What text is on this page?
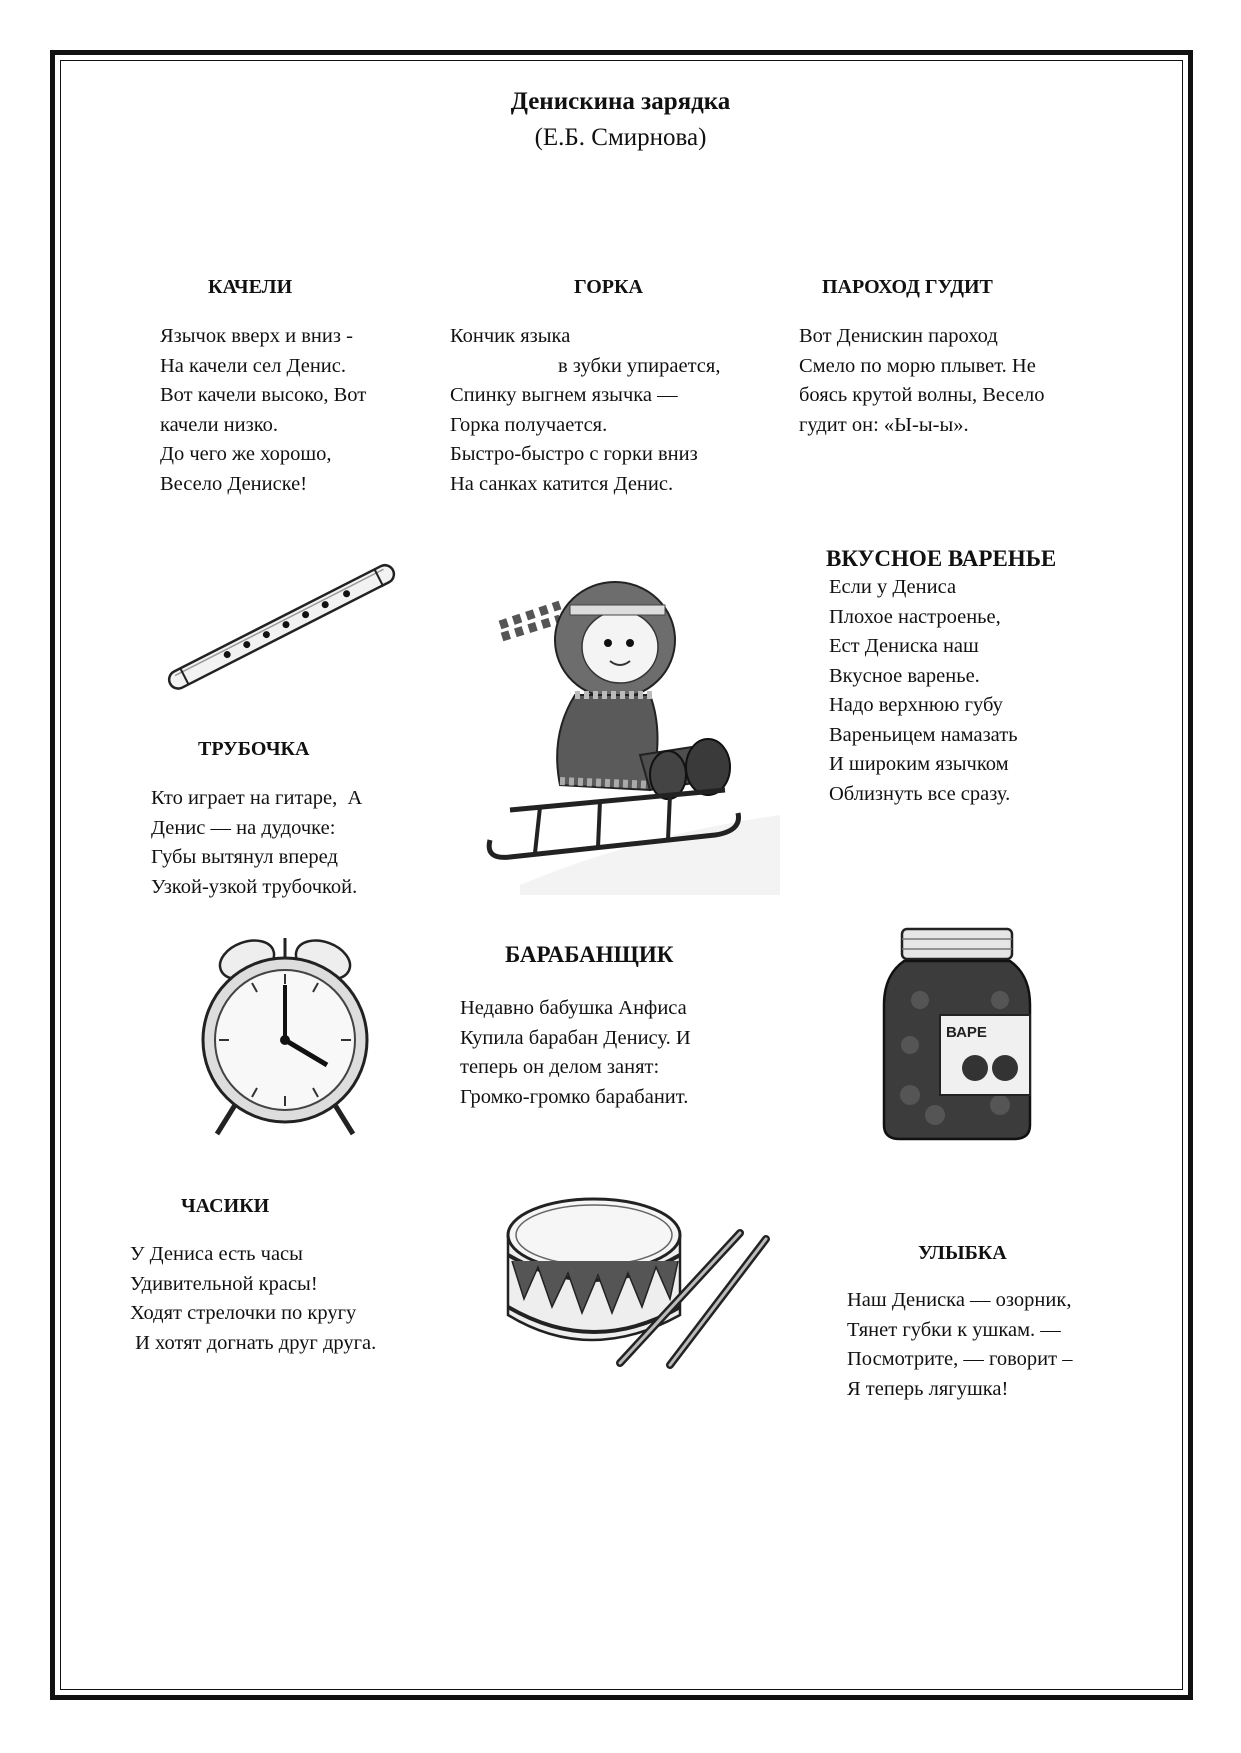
Денискина зарядка
(Е.Б. Смирнова)
КАЧЕЛИ
Язычок вверх и вниз -
На качели сел Денис.
Вот качели высоко, Вот
качели низко.
До чего же хорошо,
Весело Дениске!
ГОРКА
Кончик языка
в зубки упирается,
Спинку выгнем язычка —
Горка получается.
Быстро-быстро с горки вниз
На санках катится Денис.
ПАРОХОД ГУДИТ
Вот Денискин пароход
Смело по морю плывет. Не
боясь крутой волны, Весело
гудит он: «Ы-ы-ы».
ВКУСНОЕ ВАРЕНЬЕ
Если у Дениса
Плохое настроенье,
Ест Дениска наш
Вкусное варенье.
Надо верхнюю губу
Вареньицем намазать
И широким язычком
Облизнуть все сразу.
ТРУБОЧКА
Кто играет на гитаре,  А
Денис — на дудочке:
Губы вытянул вперед
Узкой-узкой трубочкой.
БАРАБАНЩИК
Недавно бабушка Анфиса
Купила барабан Денису. И
теперь он делом занят:
Громко-громко барабанит.
ЧАСИКИ
У Дениса есть часы
Удивительной красы!
Ходят стрелочки по кругу
И хотят догнать друг друга.
УЛЫБКА
Наш Дениска — озорник,
Тянет губки к ушкам. —
Посмотрите, — говорит –
Я теперь лягушка!
ВАРЕ
